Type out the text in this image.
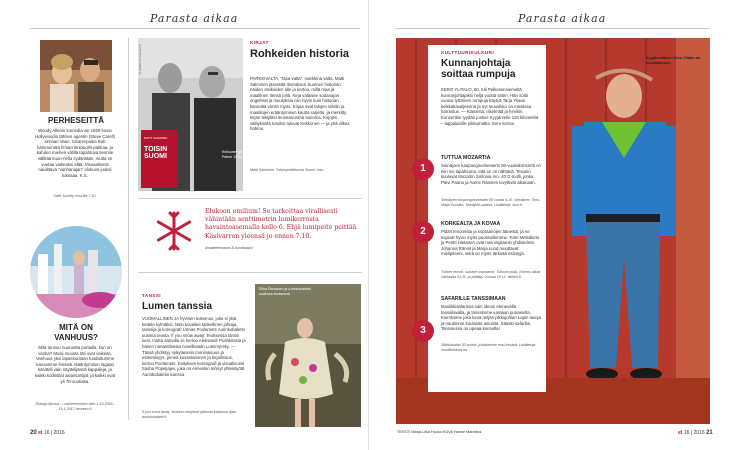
Parasta aikaa
PERHESEITTÄ
Woody Allenin komedia vie 1930-luvun Hollywoodin tähtien agentin (Steve Carell) sirnaan Vaan. Sisarenpoika Bob hämmentää firman ilmiöuoihi-pakkaa, ja kahden miehen välillä tapahtuva tiennite väliltää kuun-nella sydäntään, mutta se vuetaa vaikeaksi elää. Visuaalisesti naulittava "vanhanajan" elokuva juoksi lukiraaa. K.S.
Café Society ensi-ilta 7.10.
MITÄ ON VANHUUS?
Mitä tunnuu nuoruutta portailla, kun on vanha? Musii muusta täti ovat vaikeita. Vanhuus yksi lapaskuntaan tuodattumme kansamme ihmisiä. Ikääntyminen lagaati käsitteli vain näyttelijänsä kappaleja, ja kaikki kodintilat asiantuntijat, ja kaikki ovat yli 70-vuotiaita.
Dialogi öljossa — vanhenemisen taito 1.10.2016–15.1.2017 heureka.fi
MATTI SALMINEN
TOISIN SUOMI
SUOMEN KUVALEHTI
Kekkonen ja Olaf Palme 1975.
KIRJAT
Rohkeiden historia
PARKKIVALTA, "tasa-valta", markkina-valta. Matti Salminen jäsentää Itsenäisen Suomen historian näiden otsikoiden alle ja kertoo, millä maa ja maallinen tiensä johti. Kirja valaisee sodanajan ongelmat ja muutoksia niin hyvin kuin historian kannalta varsin myös. Kirjaa ovat talojen tahdin ja maatilojen erääntymisen kautta suljettu, ja merkitty kirjan tekijäksi lentotanoraha sanoma. Kirjojen välityksellä tutuiksi tulevat Kekkonen — ja yhä vilkas hahmo.
Matti Salminen: Toisenpoliittisesta Suomi. Into.
Elukoon emilium! Se tarkoittaa virallisesti vähintään senttimetrin lumikerrosta havaintoasemalla kello 6. Ehjä lumipeite peittää Käsivarren yleensä jo ennen 7.10.
ilmatieteenlaitos.fi /lumitilastot
TANSSI
Lumen tanssia
VUOMALLINEN JA hyvinen kokemus, joka ei jätä ketään kylmäksi. Näin kuvailee taiteellinen johtaja, tanssija ja koreografi Urmas Poolamets Aurinkobaletin uusinta teosta. If you snow away: Teoksessa tanssi lumi, mutta samalla se kertoo Aleksandr Pushkinista ja hänen romanttisesta novellistaan Lumimyrsky. — Tässä yhdistyy nykytanssin moninaisuus ja esteettisyys, pimeä kuvastaminen ja kirjallisuus, kertoo Poolamets. Esityksen koreografi ja visualisointi Sasha Popeljajev, joka on ennenkin tehnyt yhteistyötä Aurinkobaletin kanssa.
If you snow away -teoksen esitykset jatkuvat lokakuun ajan. aurinkobaletti.fi
Elina Rantanen ja Aurinkobaletin uudessa teoksessa.
20 et 16 | 2016
Parasta aikaa
KULTTUURIKULKURI
Kunnanjohtaja soittaa rumpuja
EERO YLITALO, 60, tuli Pelkosenniemeltä kunnanjohtajaksi neljä vuotta sitten. Hän soitti vuosia tyttäreen rumpuja käytyä Tarja Yliaan keikkakavaljeerina ja nyt muusikko on mielassa harrastus. — Klassista, iskelmää ja hevikin. Konserttiin tyydän joskus Kyyjärvelle 120 kilometriä – lappalaisille pikkumatka. Eero kertoo.
1
TUTTUA MOZARTIA
Seinäjoen kaupunginorkesterin 80-vuotiskonsertti on niin iso tapahtuma, että se on nähtävä. Tesoriin kuuluvat Mozartin Sinfonia nro. 40 G-molli, jonka Päivi Pauna ja Aarne Raninen levyttivät aikanaan.
Seinäjoen kaupunginorkesteri 80 vuotta 6.10. Seinäjoen Tiimi-Malja Kuusiko. Seinäjoki-salissa. Lisätietoja: skor.fi.
2
KORKEALTA JA KOVAA
Pidän tenoreista ja sopraanojen äänestä, ja ne sopivat hyvin myös puolisoillemme. Tomi Metsäketo ja Pentti Hietanen ovat meiningkamin yhdistelmä. Johanna Rännit ja Marja Lund muuttavat mielipiteeni, sekä on myös tärkeää esiintyjä.
Tulisiet tenorit, suloiset sopraanot: Tulkoon joulu. Kierros alkaa Vantaalta 24.11. ja päättyy Ouluun 18.12. tilkketi.fi.
3
SAFARILLE TANSSIMAAN
Musiikkisafarissa sain ideoin etenevällä tanssilavalla, ja tanssimme varaaan punaiselta. Kierrämme joka kesä neljän pikkujuhlan Lapin lavoja ja nautimme kuulaista asioista. Sääski-safarilla. Tanssiessa on upeaa kunnolla!
Sääskisafari 30 vuotta -juhlakiertue ensi kesänä. Lisätietoja: musiikkikiusa.eu.
Kyyjärveläinen Eero Ylitalo on musiikkimies.
TEKSTI Marja-Liisa Huuso KUVA Hanne Manelius	et 16 | 2016 21
